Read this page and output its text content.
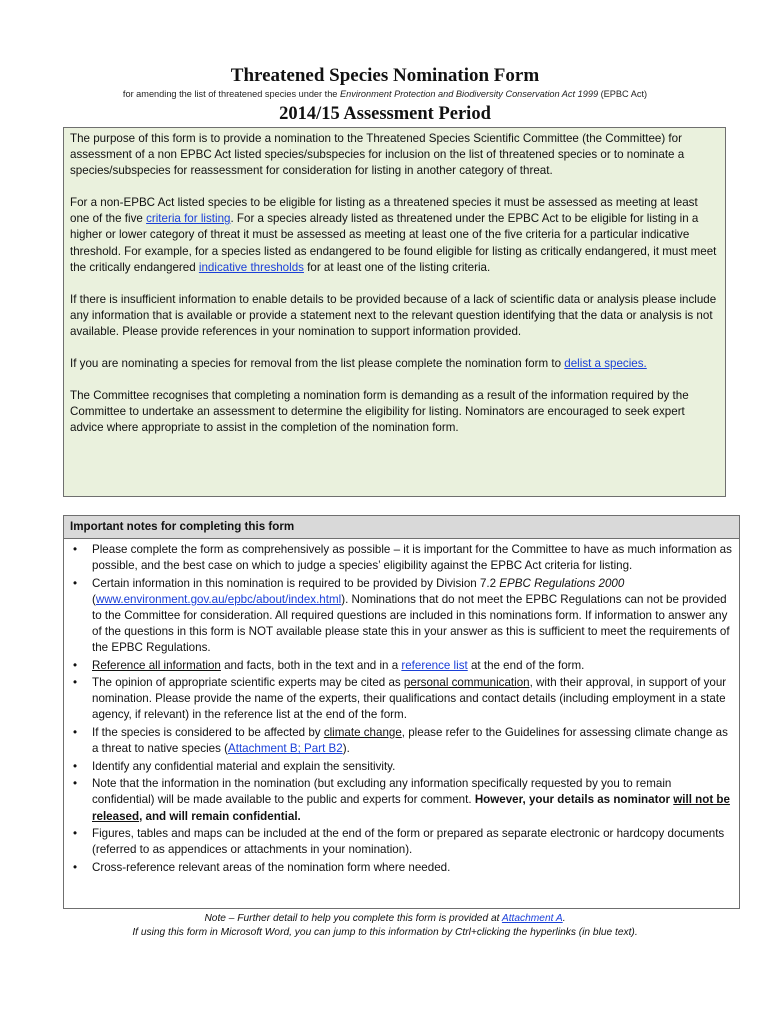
Threatened Species Nomination Form
for amending the list of threatened species under the Environment Protection and Biodiversity Conservation Act 1999 (EPBC Act)
2014/15 Assessment Period

The purpose of this form is to provide a nomination to the Threatened Species Scientific Committee (the Committee) for assessment of a non EPBC Act listed species/subspecies for inclusion on the list of threatened species or to nominate a species/subspecies for reassessment for consideration for listing in another category of threat.

For a non-EPBC Act listed species to be eligible for listing as a threatened species it must be assessed as meeting at least one of the five criteria for listing. For a species already listed as threatened under the EPBC Act to be eligible for listing in a higher or lower category of threat it must be assessed as meeting at least one of the five criteria for a particular indicative threshold. For example, for a species listed as endangered to be found eligible for listing as critically endangered, it must meet the critically endangered indicative thresholds for at least one of the listing criteria.

If there is insufficient information to enable details to be provided because of a lack of scientific data or analysis please include any information that is available or provide a statement next to the relevant question identifying that the data or analysis is not available. Please provide references in your nomination to support information provided.

If you are nominating a species for removal from the list please complete the nomination form to delist a species.

The Committee recognises that completing a nomination form is demanding as a result of the information required by the Committee to undertake an assessment to determine the eligibility for listing. Nominators are encouraged to seek expert advice where appropriate to assist in the completion of the nomination form.

Important notes for completing this form
• Please complete the form as comprehensively as possible – it is important for the Committee to have as much information as possible, and the best case on which to judge a species’ eligibility against the EPBC Act criteria for listing.
• Certain information in this nomination is required to be provided by Division 7.2 EPBC Regulations 2000 (www.environment.gov.au/epbc/about/index.html). Nominations that do not meet the EPBC Regulations can not be provided to the Committee for consideration. All required questions are included in this nominations form. If information to answer any of the questions in this form is NOT available please state this in your answer as this is sufficient to meet the requirements of the EPBC Regulations.
• Reference all information and facts, both in the text and in a reference list at the end of the form.
• The opinion of appropriate scientific experts may be cited as personal communication, with their approval, in support of your nomination. Please provide the name of the experts, their qualifications and contact details (including employment in a state agency, if relevant) in the reference list at the end of the form.
• If the species is considered to be affected by climate change, please refer to the Guidelines for assessing climate change as a threat to native species (Attachment B; Part B2).
• Identify any confidential material and explain the sensitivity.
• Note that the information in the nomination (but excluding any information specifically requested by you to remain confidential) will be made available to the public and experts for comment. However, your details as nominator will not be released, and will remain confidential.
• Figures, tables and maps can be included at the end of the form or prepared as separate electronic or hardcopy documents (referred to as appendices or attachments in your nomination).
• Cross-reference relevant areas of the nomination form where needed.
Note – Further detail to help you complete this form is provided at Attachment A.
If using this form in Microsoft Word, you can jump to this information by Ctrl+clicking the hyperlinks (in blue text).
